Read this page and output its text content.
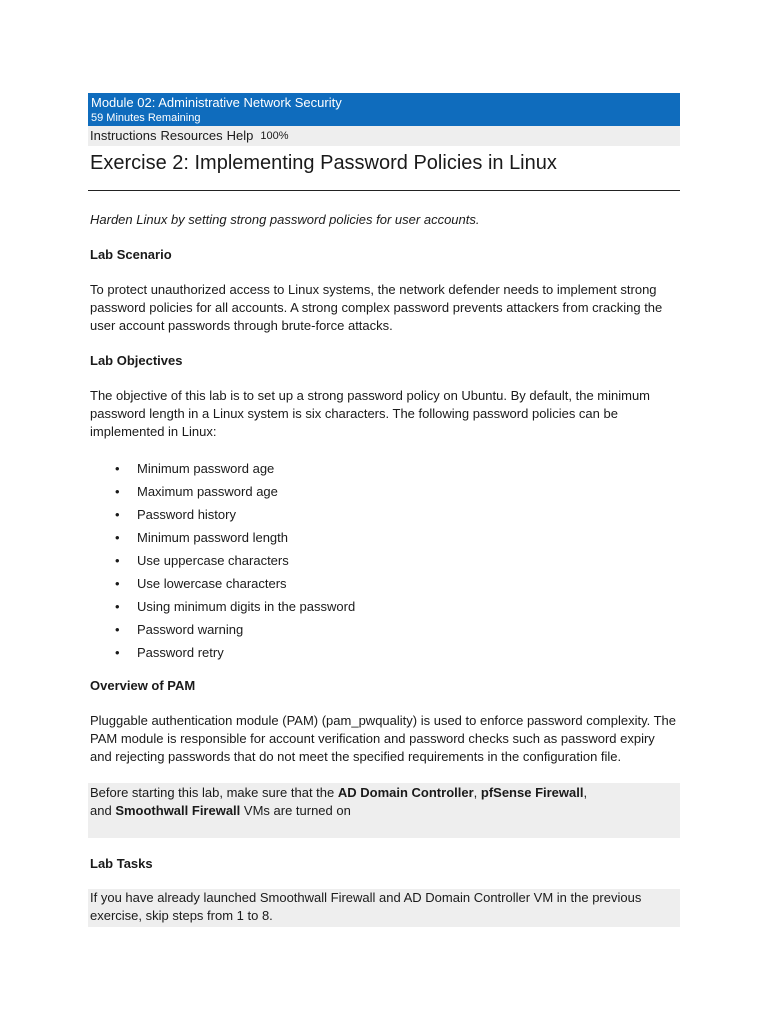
Module 02: Administrative Network Security
59 Minutes Remaining
Instructions Resources Help 100%
Exercise 2: Implementing Password Policies in Linux

Harden Linux by setting strong password policies for user accounts.

Lab Scenario

To protect unauthorized access to Linux systems, the network defender needs to implement strong password policies for all accounts. A strong complex password prevents attackers from cracking the user account passwords through brute-force attacks.

Lab Objectives

The objective of this lab is to set up a strong password policy on Ubuntu. By default, the minimum password length in a Linux system is six characters. The following password policies can be implemented in Linux:

• Minimum password age
• Maximum password age
• Password history
• Minimum password length
• Use uppercase characters
• Use lowercase characters
• Using minimum digits in the password
• Password warning
• Password retry

Overview of PAM

Pluggable authentication module (PAM) (pam_pwquality) is used to enforce password complexity. The PAM module is responsible for account verification and password checks such as password expiry and rejecting passwords that do not meet the specified requirements in the configuration file.

Before starting this lab, make sure that the AD Domain Controller, pfSense Firewall,
and Smoothwall Firewall VMs are turned on

Lab Tasks

If you have already launched Smoothwall Firewall and AD Domain Controller VM in the previous exercise, skip steps from 1 to 8.
